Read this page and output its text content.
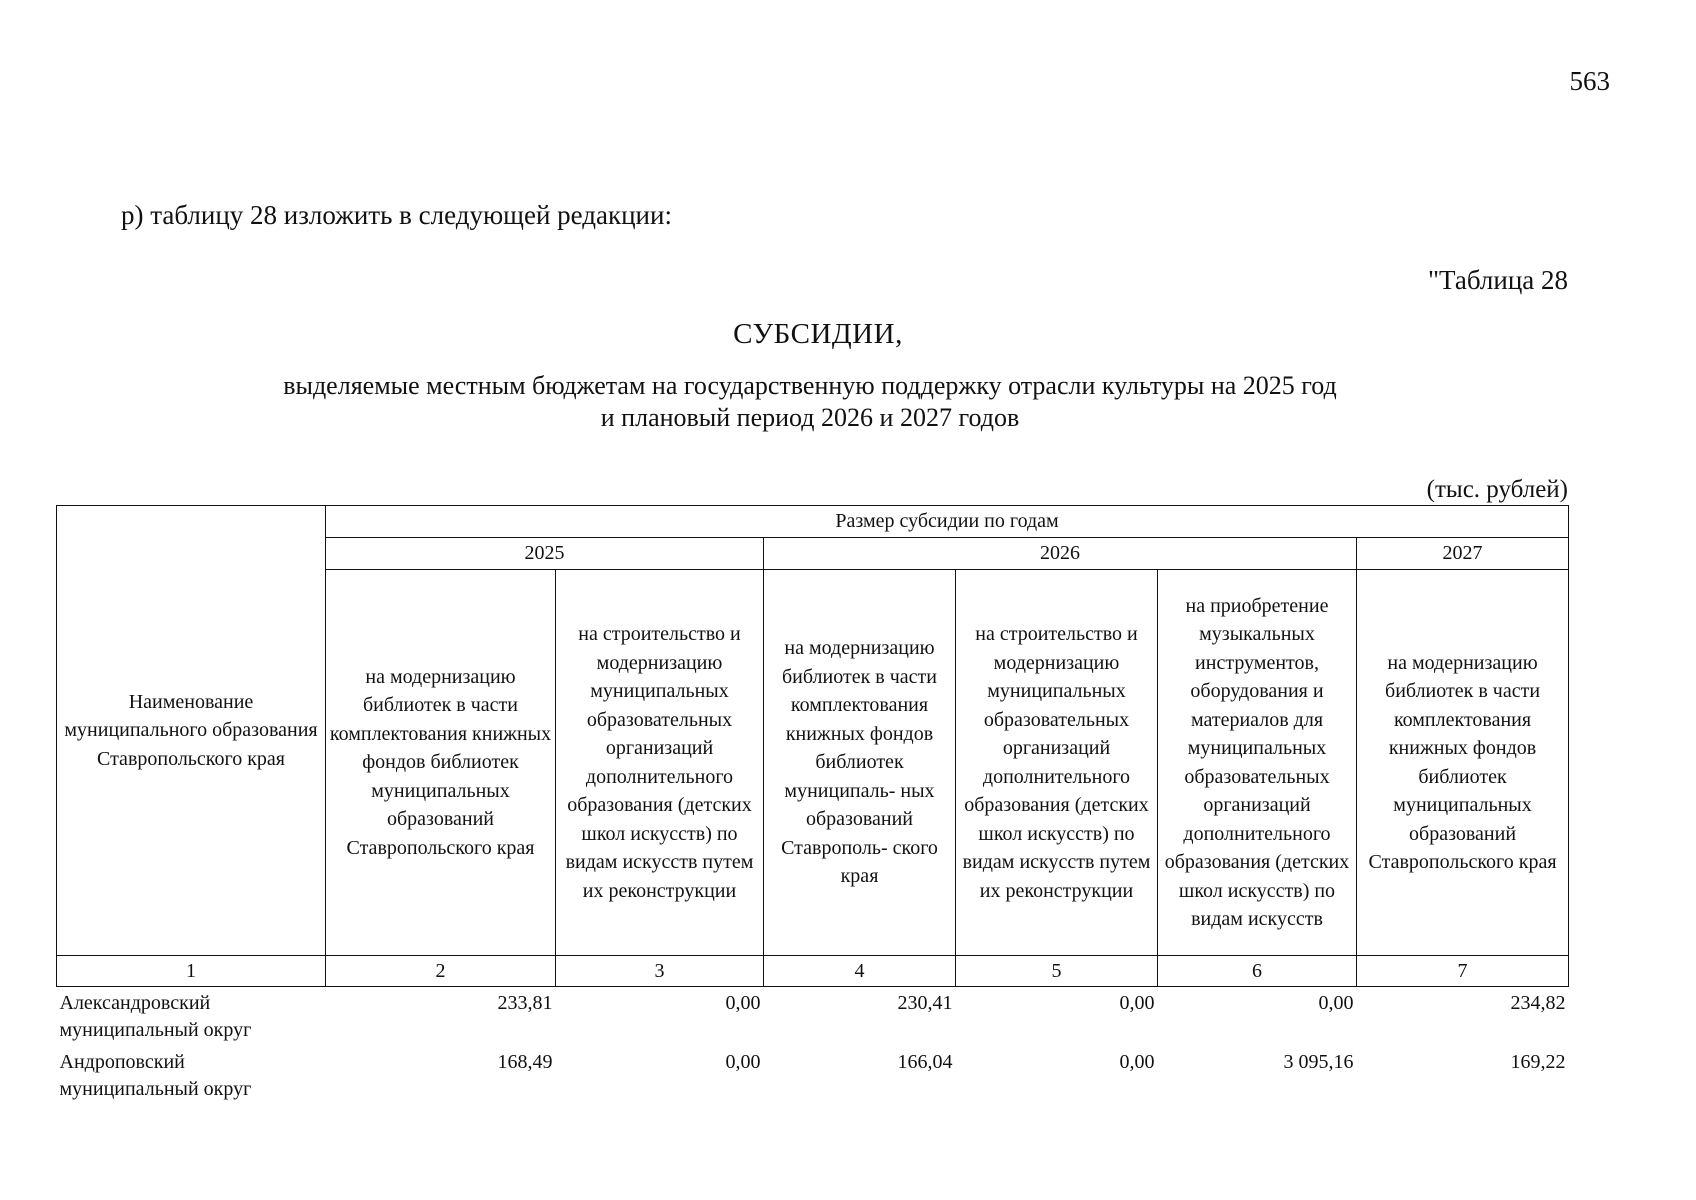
563
р) таблицу 28 изложить в следующей редакции:
"Таблица 28
СУБСИДИИ,
выделяемые местным бюджетам на государственную поддержку отрасли культуры на 2025 год
и плановый период 2026 и 2027 годов
(тыс. рублей)
Наименование муниципального образования Ставропольского края	Размер субсидии по годам					
	2025		2026			2027
	на модернизацию библиотек в части комплектования книжных фондов библиотек муниципальных образований Ставропольского края	на строительство и модернизацию муниципальных образовательных организаций дополнительного образования (детских школ искусств) по видам искусств путем их реконструкции	на модернизацию библиотек в части комплектования книжных фондов библиотек муниципаль- ных образований Ставрополь- ского края	на строительство и модернизацию муниципальных образовательных организаций дополнительного образования (детских школ искусств) по видам искусств путем их реконструкции	на приобретение музыкальных инструментов, оборудования и материалов для муниципальных образовательных организаций дополнительного образования (детских школ искусств) по видам искусств	на модернизацию библиотек в части комплектования книжных фондов библиотек муниципальных образований Ставропольского края
1	2	3	4	5	6	7
Александровский муниципальный округ	233,81	0,00	230,41	0,00	0,00	234,82
Андроповский муниципальный округ	168,49	0,00	166,04	0,00	3 095,16	169,22
